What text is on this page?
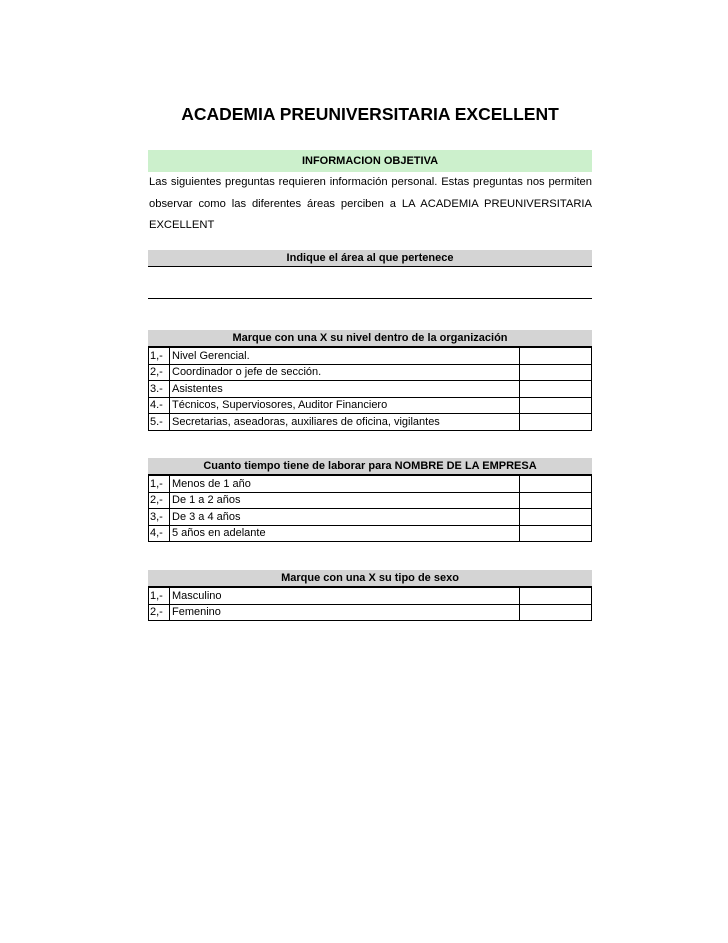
ACADEMIA PREUNIVERSITARIA EXCELLENT
INFORMACION OBJETIVA
Las siguientes preguntas requieren información personal. Estas preguntas nos permiten observar como las diferentes áreas perciben a LA ACADEMIA PREUNIVERSITARIA EXCELLENT
Indique el área al que pertenece
Marque con una X su nivel dentro de la organización
1,-	Nivel Gerencial.	
2,-	Coordinador o jefe de sección.	
3.-	Asistentes	
4.-	Técnicos, Superviosores, Auditor Financiero	
5.-	Secretarias, aseadoras, auxiliares de oficina, vigilantes	
Cuanto tiempo tiene de laborar para NOMBRE DE LA EMPRESA
1,-	Menos de 1 año	
2,-	De 1 a 2 años	
3,-	De 3 a 4 años	
4,-	5 años en adelante	
Marque con una X su tipo de sexo
1,-	Masculino	
2,-	Femenino	
